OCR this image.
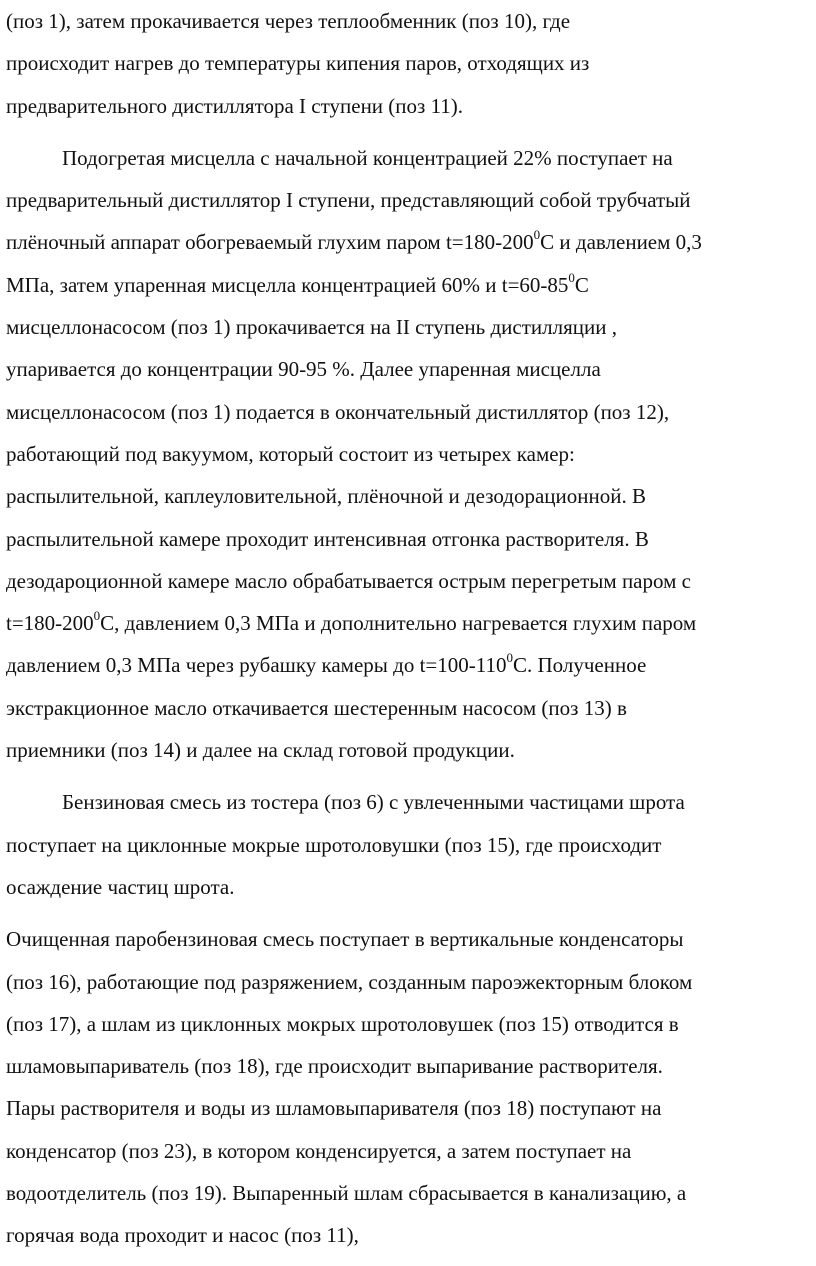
(поз 1), затем прокачивается через теплообменник (поз 10), где
происходит нагрев до температуры кипения паров, отходящих из
предварительного дистиллятора I ступени (поз 11).

Подогретая мисцелла с начальной концентрацией 22% поступает на
предварительный дистиллятор I ступени, представляющий собой трубчатый
плёночный аппарат обогреваемый глухим паром $t=180-200^0С$ и давлением 0,3
МПа, затем упаренная мисцелла концентрацией 60% и $t=60-85^0С$
мисцеллонасосом (поз 1) прокачивается на II ступень дистилляции ,
упаривается до концентрации 90-95 %. Далее упаренная мисцелла
мисцеллонасосом (поз 1) подается в окончательный дистиллятор (поз 12),
работающий под вакуумом, который состоит из четырех камер:
распылительной, каплеуловительной, плёночной и дезодорационной. В
распылительной камере проходит интенсивная отгонка растворителя. В
дезодароционной камере масло обрабатывается острым перегретым паром с
$t=180-200^0С$, давлением 0,3 МПа и дополнительно нагревается глухим паром
давлением 0,3 МПа через рубашку камеры до $t=100-110^0С$. Полученное
экстракционное масло откачивается шестеренным насосом (поз 13) в
приемники (поз 14) и далее на склад готовой продукции.

Бензиновая смесь из тостера (поз 6) с увлеченными частицами шрота
поступает на циклонные мокрые шротоловушки (поз 15), где происходит
осаждение частиц шрота.

Очищенная паробензиновая смесь поступает в вертикальные конденсаторы
(поз 16), работающие под разряжением, созданным пароэжекторным блоком
(поз 17), а шлам из циклонных мокрых шротоловушек (поз 15) отводится в
шламовыпариватель (поз 18), где происходит выпаривание растворителя.
Пары растворителя и воды из шламовыпаривателя (поз 18) поступают на
конденсатор (поз 23), в котором конденсируется, а затем поступает на
водоотделитель (поз 19). Выпаренный шлам сбрасывается в канализацию, а
горячая вода проходит и насос (поз 11),
